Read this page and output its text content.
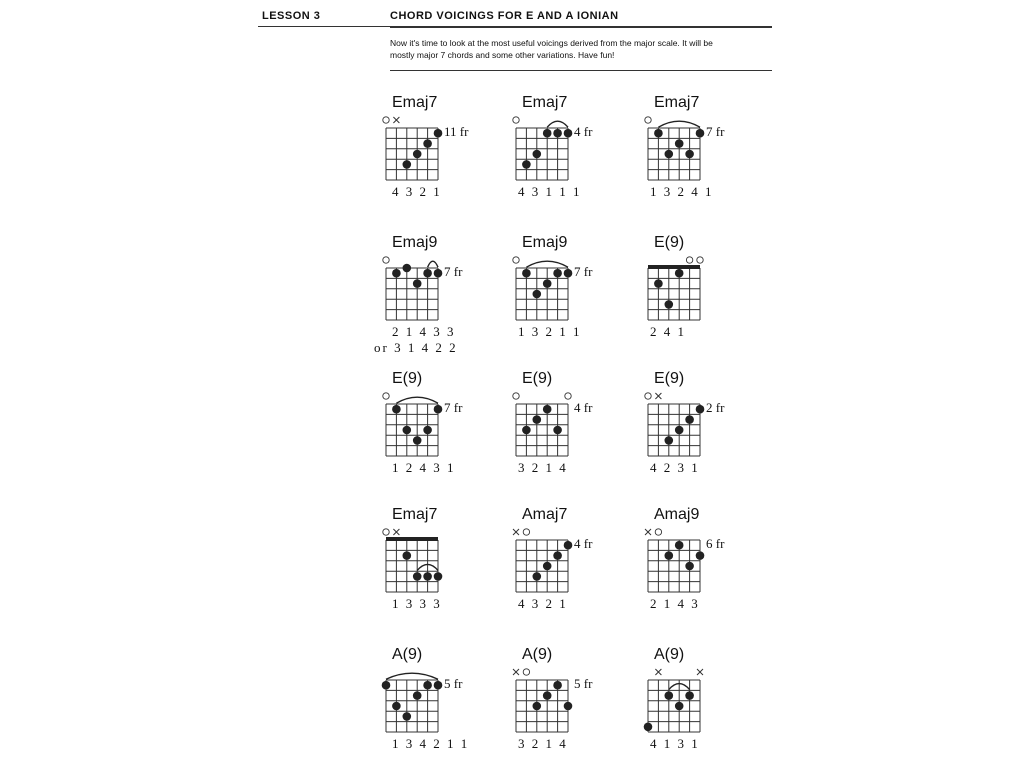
LESSON 3	CHORD VOICINGS FOR E AND A IONIAN
Now it's time to look at the most useful voicings derived from the major scale. It will be mostly major 7 chords and some other variations. Have fun!
Emaj7
11 fr
4 3 2 1
Emaj7
4 fr
4 3 1 1 1
Emaj7
7 fr
1 3 2 4 1
Emaj9
7 fr
2 1 4 3 3
or 3 1 4 2 2
Emaj9
7 fr
1 3 2 1 1
E(9)
2 4 1
E(9)
7 fr
1 2 4 3 1
E(9)
4 fr
3 2 1 4
E(9)
2 fr
4 2 3 1
Emaj7
1 3 3 3
Amaj7
4 fr
4 3 2 1
Amaj9
6 fr
2 1 4 3
A(9)
5 fr
1 3 4 2 1 1
A(9)
5 fr
3 2 1 4
A(9)
4 1 3 1
